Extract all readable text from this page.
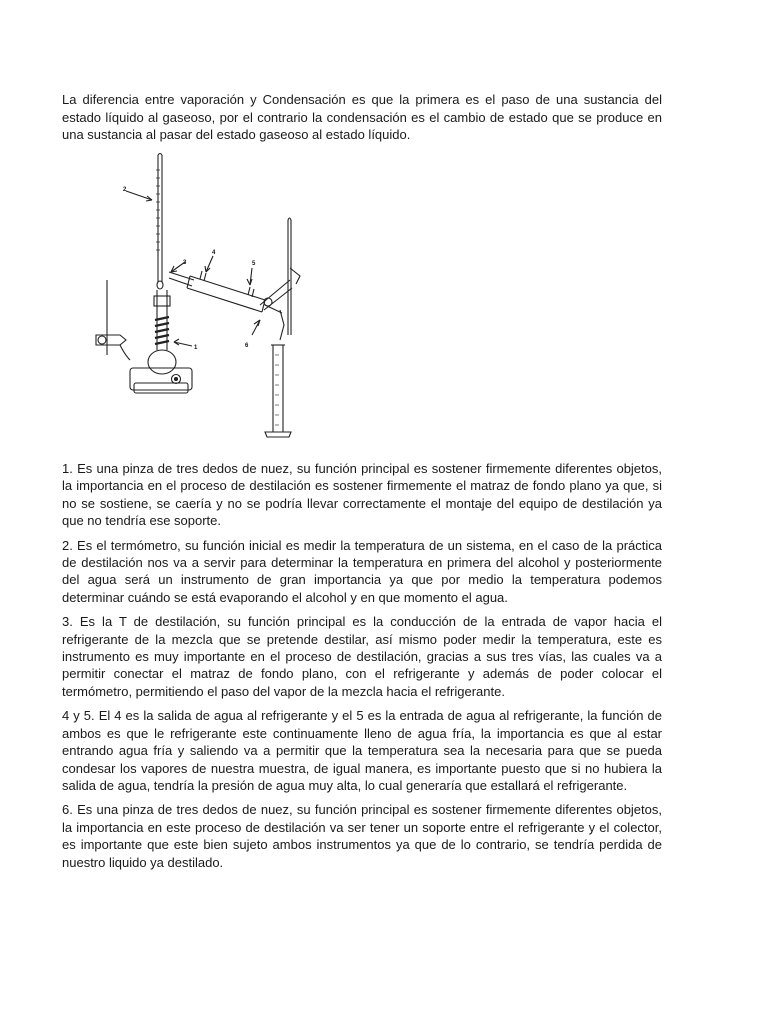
La diferencia entre vaporación y Condensación es que la primera es el paso de una sustancia del estado líquido al gaseoso, por el contrario la condensación es el cambio de estado que se produce en una sustancia al pasar del estado gaseoso al estado líquido.

2
3
4
5
1	6

1. Es una pinza de tres dedos de nuez, su función principal es sostener firmemente diferentes objetos, la importancia en el proceso de destilación es sostener firmemente el matraz de fondo plano ya que, si no se sostiene, se caería y no se podría llevar correctamente el montaje del equipo de destilación ya que no tendría ese soporte.

2. Es el termómetro, su función inicial es medir la temperatura de un sistema, en el caso de la práctica de destilación nos va a servir para determinar la temperatura en primera del alcohol y posteriormente del agua será un instrumento de gran importancia ya que por medio la temperatura podemos determinar cuándo se está evaporando el alcohol y en que momento el agua.

3. Es la T de destilación, su función principal es la conducción de la entrada de vapor hacia el refrigerante de la mezcla que se pretende destilar, así mismo poder medir la temperatura, este es instrumento es muy importante en el proceso de destilación, gracias a sus tres vías, las cuales va a permitir conectar el matraz de fondo plano, con el refrigerante y además de poder colocar el termómetro, permitiendo el paso del vapor de la mezcla hacia el refrigerante.

4 y 5. El 4 es la salida de agua al refrigerante y el 5 es la entrada de agua al refrigerante, la función de ambos es que le refrigerante este continuamente lleno de agua fría, la importancia es que al estar entrando agua fría y saliendo va a permitir que la temperatura sea la necesaria para que se pueda condesar los vapores de nuestra muestra, de igual manera, es importante puesto que si no hubiera la salida de agua, tendría la presión de agua muy alta, lo cual generaría que estallará el refrigerante.

6. Es una pinza de tres dedos de nuez, su función principal es sostener firmemente diferentes objetos, la importancia en este proceso de destilación va ser tener un soporte entre el refrigerante y el colector, es importante que este bien sujeto ambos instrumentos ya que de lo contrario, se tendría perdida de nuestro liquido ya destilado.
